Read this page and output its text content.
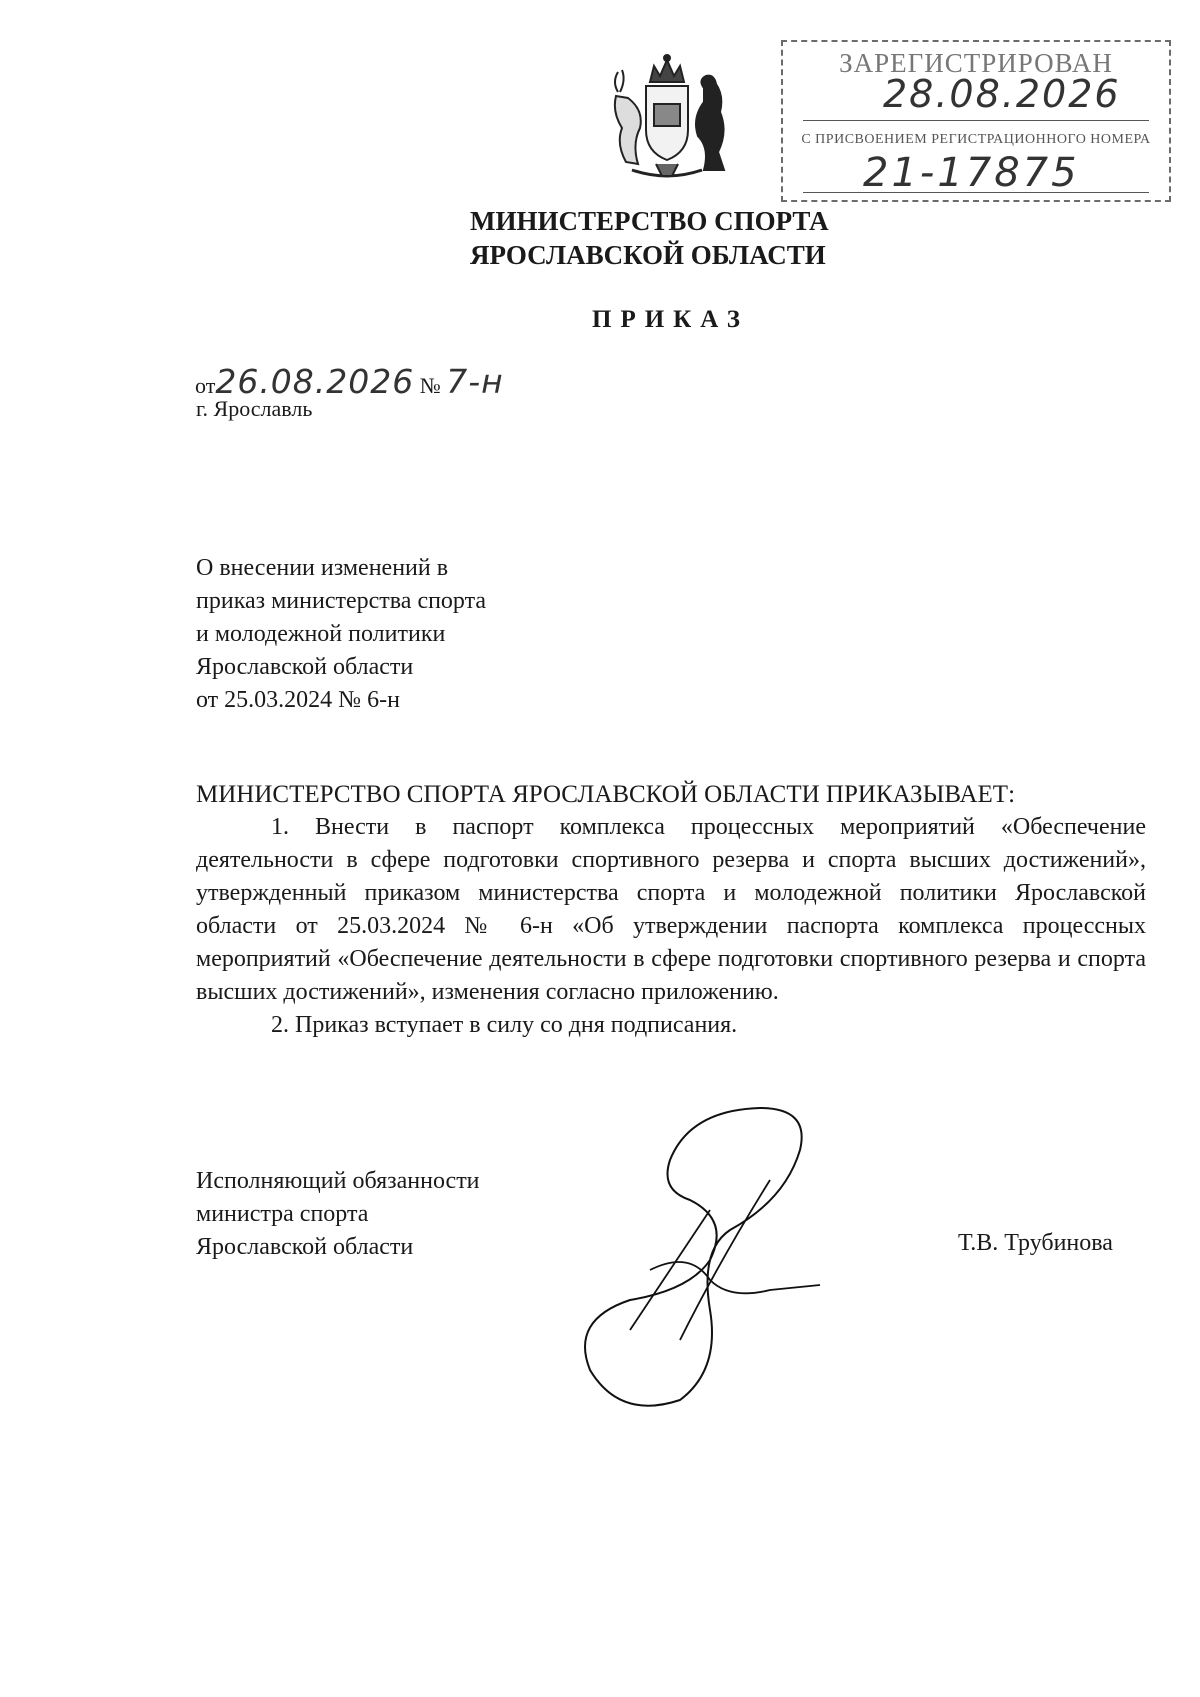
ЗАРЕГИСТРИРОВАН
28.08.2026
С ПРИСВОЕНИЕМ РЕГИСТРАЦИОННОГО НОМЕРА
21-17875
МИНИСТЕРСТВО СПОРТА
ЯРОСЛАВСКОЙ ОБЛАСТИ
ПРИКАЗ
от26.08.2026 № 7-н
г. Ярославль
О внесении изменений в
приказ министерства спорта
и молодежной политики
Ярославской области
от 25.03.2024 № 6-н
МИНИСТЕРСТВО СПОРТА ЯРОСЛАВСКОЙ ОБЛАСТИ ПРИКАЗЫВАЕТ:
1. Внести в паспорт комплекса процессных мероприятий «Обеспечение деятельности в сфере подготовки спортивного резерва и спорта высших достижений», утвержденный приказом министерства спорта и молодежной политики Ярославской области от 25.03.2024 № 6-н «Об утверждении паспорта комплекса процессных мероприятий «Обеспечение деятельности в сфере подготовки спортивного резерва и спорта высших достижений», изменения согласно приложению.
2. Приказ вступает в силу со дня подписания.
Исполняющий обязанности
министра спорта
Ярославской области	Т.В. Трубинова
